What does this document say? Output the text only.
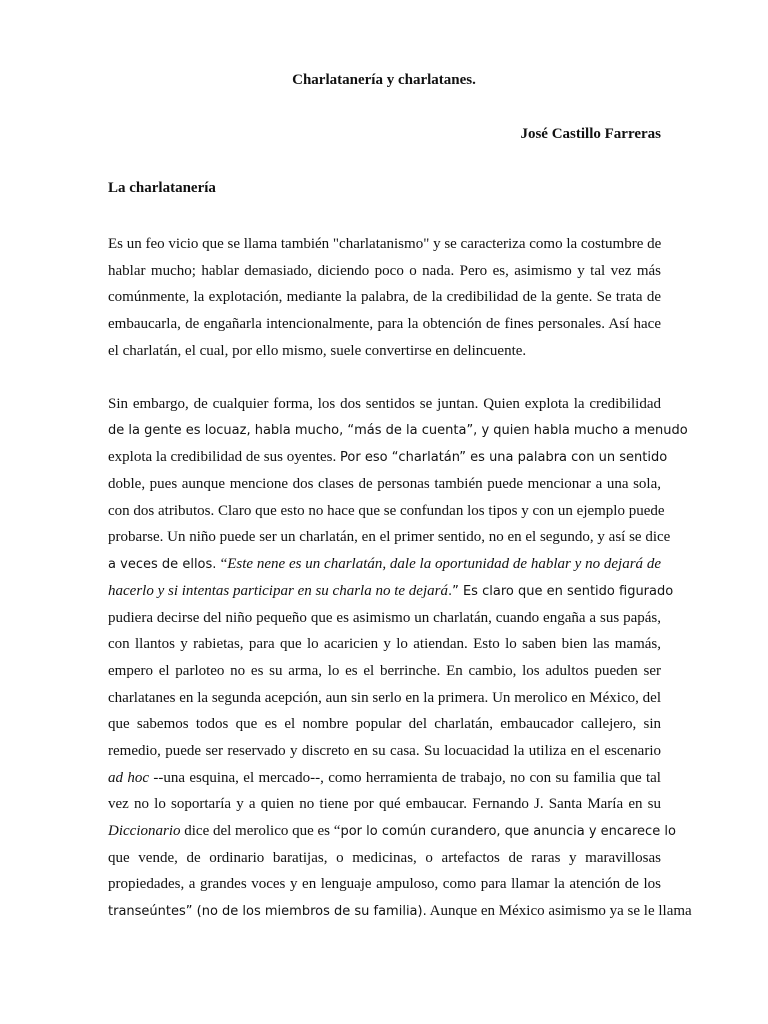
Charlatanería y charlatanes.
José Castillo Farreras
La charlatanería
Es un feo vicio que se llama también "charlatanismo" y se caracteriza como la costumbre de
hablar mucho; hablar demasiado, diciendo poco o nada. Pero es, asimismo y tal vez más
comúnmente, la explotación, mediante la palabra, de la credibilidad de la gente. Se trata de
embaucarla, de engañarla intencionalmente, para la obtención de fines personales. Así hace
el charlatán, el cual, por ello mismo, suele convertirse en delincuente.
Sin embargo, de cualquier forma, los dos sentidos se juntan. Quien explota la credibilidad
de la gente es locuaz, habla mucho, “más de la cuenta”, y quien habla mucho a menudo
explota la credibilidad de sus oyentes. Por eso “charlatán” es una palabra con un sentido
doble, pues aunque mencione dos clases de personas también puede mencionar a una sola,
con dos atributos. Claro que esto no hace que se confundan los tipos y con un ejemplo puede
probarse. Un niño puede ser un charlatán, en el primer sentido, no en el segundo, y así se dice
a veces de ellos. “Este nene es un charlatán, dale la oportunidad de hablar y no dejará de
hacerlo y si intentas participar en su charla no te dejará.” Es claro que en sentido figurado
pudiera decirse del niño pequeño que es asimismo un charlatán, cuando engaña a sus papás,
con llantos y rabietas, para que lo acaricien y lo atiendan. Esto lo saben bien las mamás,
empero el parloteo no es su arma, lo es el berrinche. En cambio, los adultos pueden ser
charlatanes en la segunda acepción, aun sin serlo en la primera. Un merolico en México, del
que sabemos todos que es el nombre popular del charlatán, embaucador callejero, sin
remedio, puede ser reservado y discreto en su casa. Su locuacidad la utiliza en el escenario
ad hoc --una esquina, el mercado--, como herramienta de trabajo, no con su familia que tal
vez no lo soportaría y a quien no tiene por qué embaucar. Fernando J. Santa María en su
Diccionario dice del merolico que es “por lo común curandero, que anuncia y encarece lo
que vende, de ordinario baratijas, o medicinas, o artefactos de raras y maravillosas
propiedades, a grandes voces y en lenguaje ampuloso, como para llamar la atención de los
transeúntes” (no de los miembros de su familia). Aunque en México asimismo ya se le llama
